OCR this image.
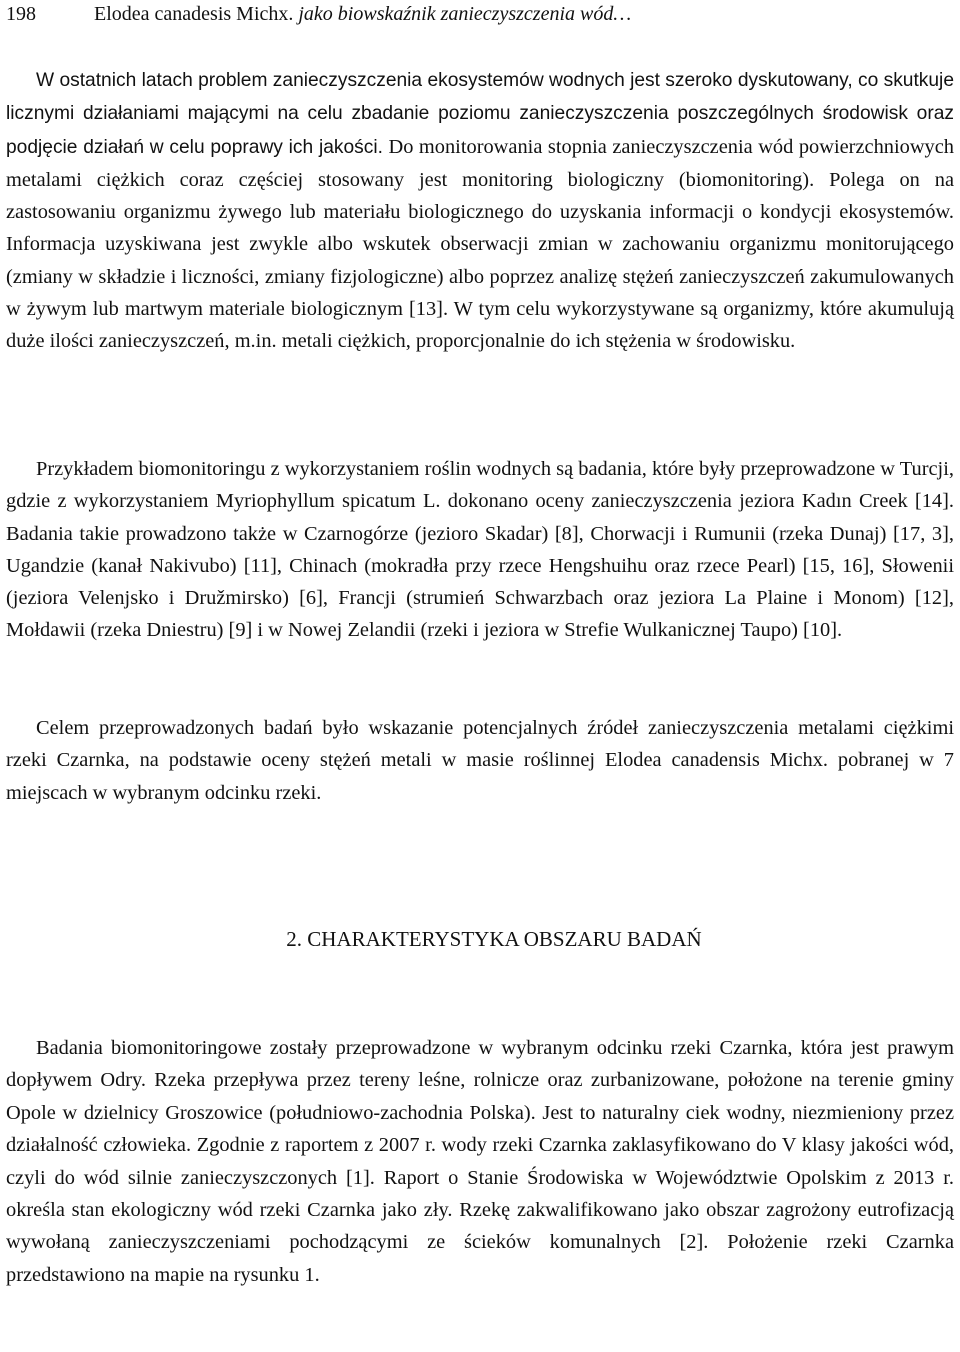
198	Elodea canadesis Michx. jako biowskaźnik zanieczyszczenia wód…

W ostatnich latach problem zanieczyszczenia ekosystemów wodnych jest szeroko dyskutowany, co skutkuje licznymi działaniami mającymi na celu zbadanie poziomu zanieczyszczenia poszczególnych środowisk oraz podjęcie działań w celu poprawy ich jakości. Do monitorowania stopnia zanieczyszczenia wód powierzchniowych metalami ciężkich coraz częściej stosowany jest monitoring biologiczny (biomonitoring). Polega on na zastosowaniu organizmu żywego lub materiału biologicznego do uzyskania informacji o kondycji ekosystemów. Informacja uzyskiwana jest zwykle albo wskutek obserwacji zmian w zachowaniu organizmu monitorującego (zmiany w składzie i liczności, zmiany fizjologiczne) albo poprzez analizę stężeń zanieczyszczeń zakumulowanych w żywym lub martwym materiale biologicznym [13]. W tym celu wykorzystywane są organizmy, które akumulują duże ilości zanieczyszczeń, m.in. metali ciężkich, proporcjonalnie do ich stężenia w środowisku.

Przykładem biomonitoringu z wykorzystaniem roślin wodnych są badania, które były przeprowadzone w Turcji, gdzie z wykorzystaniem Myriophyllum spicatum L. dokonano oceny zanieczyszczenia jeziora Kadın Creek [14]. Badania takie prowadzono także w Czarnogórze (jezioro Skadar) [8], Chorwacji i Rumunii (rzeka Dunaj) [17, 3], Ugandzie (kanał Nakivubo) [11], Chinach (mokradła przy rzece Hengshuihu oraz rzece Pearl) [15, 16], Słowenii (jeziora Velenjsko i Družmirsko) [6], Francji (strumień Schwarzbach oraz jeziora La Plaine i Monom) [12], Mołdawii (rzeka Dniestru) [9] i w Nowej Zelandii (rzeki i jeziora w Strefie Wulkanicznej Taupo) [10].

Celem przeprowadzonych badań było wskazanie potencjalnych źródeł zanieczyszczenia metalami ciężkimi rzeki Czarnka, na podstawie oceny stężeń metali w masie roślinnej Elodea canadensis Michx. pobranej w 7 miejscach w wybranym odcinku rzeki.

2. CHARAKTERYSTYKA OBSZARU BADAŃ

Badania biomonitoringowe zostały przeprowadzone w wybranym odcinku rzeki Czarnka, która jest prawym dopływem Odry. Rzeka przepływa przez tereny leśne, rolnicze oraz zurbanizowane, położone na terenie gminy Opole w dzielnicy Groszowice (południowo-zachodnia Polska). Jest to naturalny ciek wodny, niezmieniony przez działalność człowieka. Zgodnie z raportem z 2007 r. wody rzeki Czarnka zaklasyfikowano do V klasy jakości wód, czyli do wód silnie zanieczyszczonych [1]. Raport o Stanie Środowiska w Województwie Opolskim z 2013 r. określa stan ekologiczny wód rzeki Czarnka jako zły. Rzekę zakwalifikowano jako obszar zagrożony eutrofizacją wywołaną zanieczyszczeniami pochodzącymi ze ścieków komunalnych [2]. Położenie rzeki Czarnka przedstawiono na mapie na rysunku 1.
